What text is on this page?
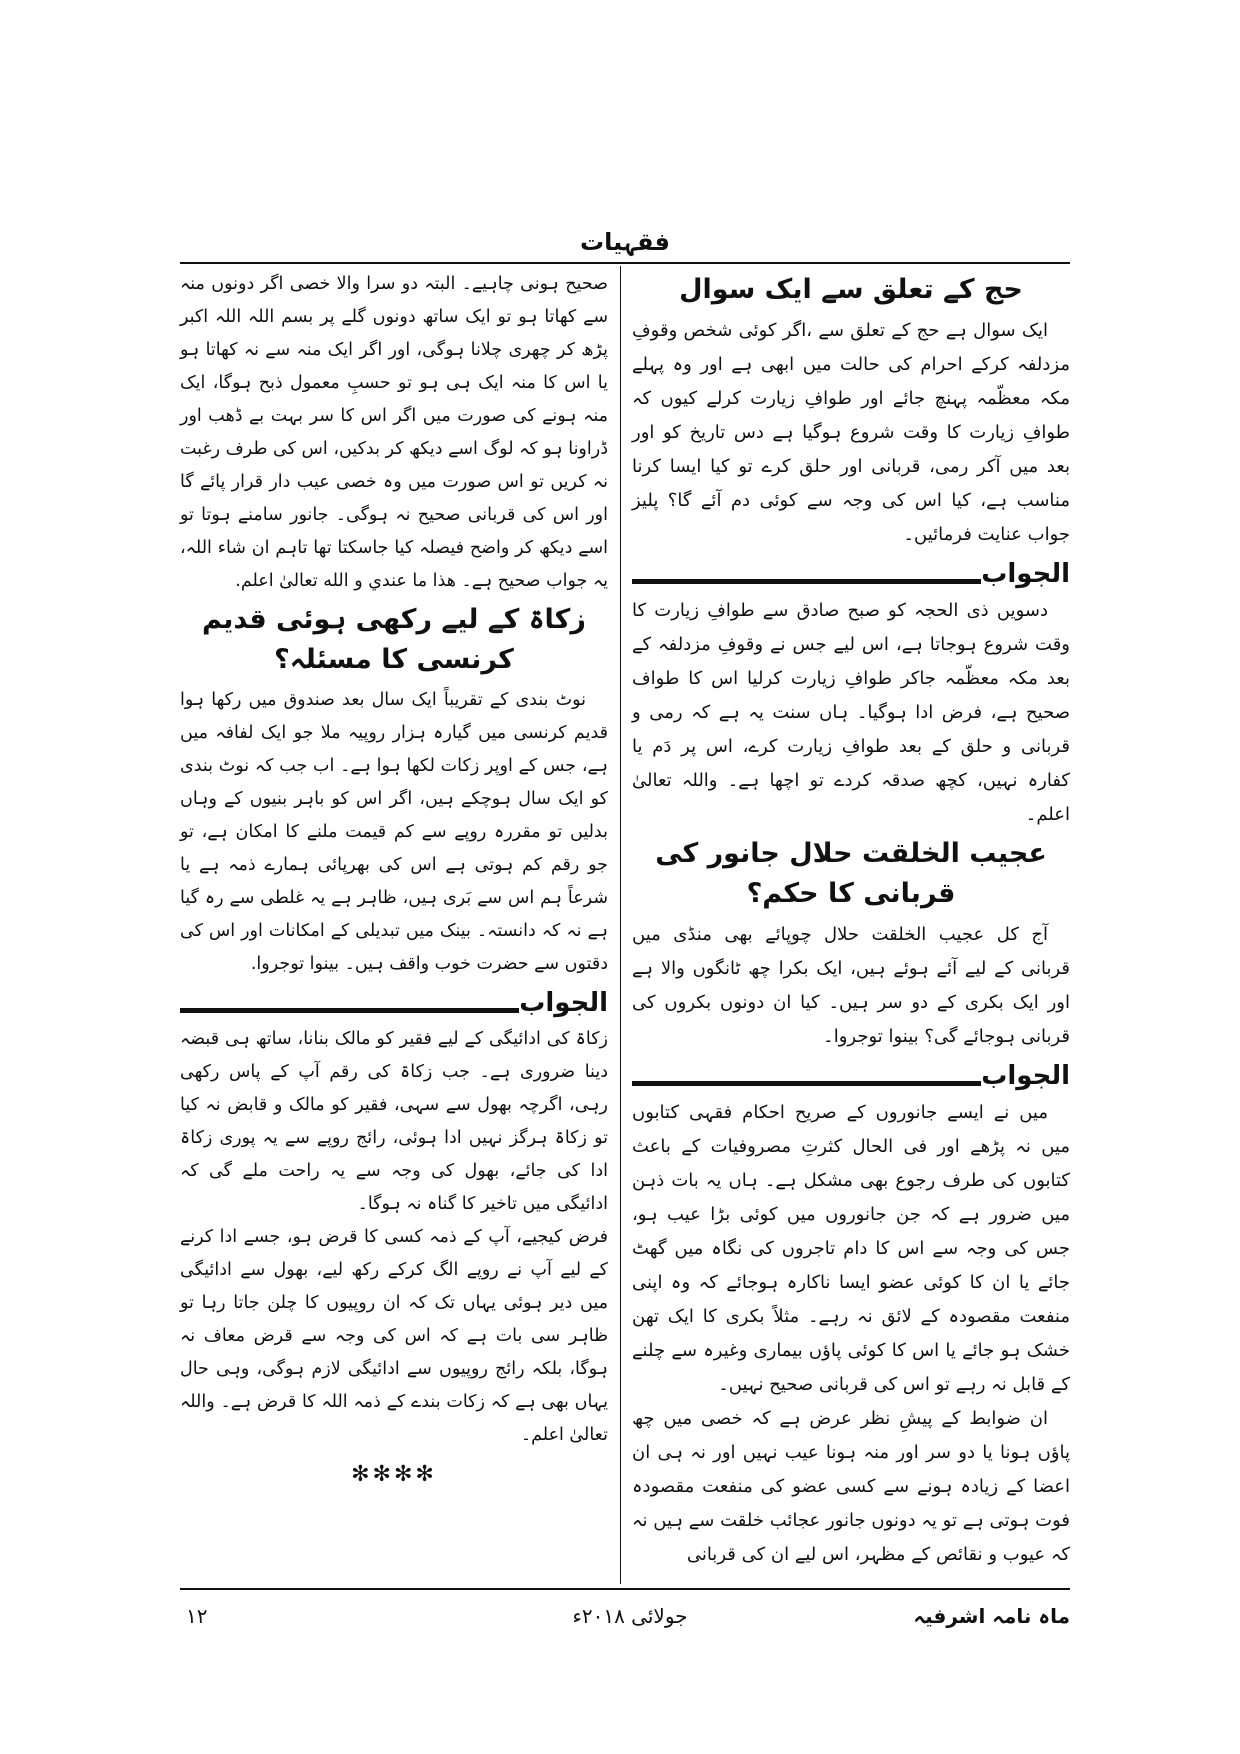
فقہیات
حج کے تعلق سے ایک سوال

ایک سوال ہے حج کے تعلق سے ،اگر کوئی شخص وقوفِ مزدلفہ کرکے احرام کی حالت میں ابھی ہے اور وہ پہلے مکہ معظّمہ پہنچ جائے اور طوافِ زیارت کرلے کیوں کہ طوافِ زیارت کا وقت شروع ہوگیا ہے دس تاریخ کو اور بعد میں آکر رمی، قربانی اور حلق کرے تو کیا ایسا کرنا مناسب ہے، کیا اس کی وجہ سے کوئی دم آئے گا؟ پلیز جواب عنایت فرمائیں۔

الجواب

دسویں ذی الحجہ کو صبح صادق سے طوافِ زیارت کا وقت شروع ہوجاتا ہے، اس لیے جس نے وقوفِ مزدلفہ کے بعد مکہ معظّمہ جاکر طوافِ زیارت کرلیا اس کا طواف صحیح ہے، فرض ادا ہوگیا۔ ہاں سنت یہ ہے کہ رمی و قربانی و حلق کے بعد طوافِ زیارت کرے، اس پر دَم یا کفارہ نہیں، کچھ صدقہ کردے تو اچھا ہے۔ واللہ تعالیٰ اعلم۔

عجیب الخلقت حلال جانور کی قربانی کا حکم؟

آج کل عجیب الخلقت حلال چوپائے بھی منڈی میں قربانی کے لیے آئے ہوئے ہیں، ایک بکرا چھ ٹانگوں والا ہے اور ایک بکری کے دو سر ہیں۔ کیا ان دونوں بکروں کی قربانی ہوجائے گی؟ بینوا توجروا۔

الجواب

میں نے ایسے جانوروں کے صریح احکام فقہی کتابوں میں نہ پڑھے اور فی الحال کثرتِ مصروفیات کے باعث کتابوں کی طرف رجوع بھی مشکل ہے۔ ہاں یہ بات ذہن میں ضرور ہے کہ جن جانوروں میں کوئی بڑا عیب ہو، جس کی وجہ سے اس کا دام تاجروں کی نگاہ میں گھٹ جائے یا ان کا کوئی عضو ایسا ناکارہ ہوجائے کہ وہ اپنی منفعت مقصودہ کے لائق نہ رہے۔ مثلاً بکری کا ایک تھن خشک ہو جائے یا اس کا کوئی پاؤں بیماری وغیرہ سے چلنے کے قابل نہ رہے تو اس کی قربانی صحیح نہیں۔

ان ضوابط کے پیشِ نظر عرض ہے کہ خصی میں چھ پاؤں ہونا یا دو سر اور منہ ہونا عیب نہیں اور نہ ہی ان اعضا کے زیادہ ہونے سے کسی عضو کی منفعت مقصودہ فوت ہوتی ہے تو یہ دونوں جانور عجائب خلقت سے ہیں نہ کہ عیوب و نقائص کے مظہر، اس لیے ان کی قربانی

صحیح ہونی چاہیے۔ البتہ دو سرا والا خصی اگر دونوں منہ سے کھاتا ہو تو ایک ساتھ دونوں گلے پر بسم اللہ اللہ اکبر پڑھ کر چھری چلانا ہوگی، اور اگر ایک منہ سے نہ کھاتا ہو یا اس کا منہ ایک ہی ہو تو حسبِ معمول ذبح ہوگا، ایک منہ ہونے کی صورت میں اگر اس کا سر بہت بے ڈھب اور ڈراونا ہو کہ لوگ اسے دیکھ کر بدکیں، اس کی طرف رغبت نہ کریں تو اس صورت میں وہ خصی عیب دار قرار پائے گا اور اس کی قربانی صحیح نہ ہوگی۔ جانور سامنے ہوتا تو اسے دیکھ کر واضح فیصلہ کیا جاسکتا تھا تاہم ان شاء اللہ، یہ جواب صحیح ہے۔ هذا ما عندي و الله تعالىٰ اعلم.

زکاۃ کے لیے رکھی ہوئی قدیم کرنسی کا مسئلہ؟

نوٹ بندی کے تقریباً ایک سال بعد صندوق میں رکھا ہوا قدیم کرنسی میں گیارہ ہزار روپیہ ملا جو ایک لفافہ میں ہے، جس کے اوپر زکات لکھا ہوا ہے۔ اب جب کہ نوٹ بندی کو ایک سال ہوچکے ہیں، اگر اس کو باہر بنیوں کے وہاں بدلیں تو مقررہ روپے سے کم قیمت ملنے کا امکان ہے، تو جو رقم کم ہوتی ہے اس کی بھرپائی ہمارے ذمہ ہے یا شرعاً ہم اس سے بَری ہیں، ظاہر ہے یہ غلطی سے رہ گیا ہے نہ کہ دانستہ۔ بینک میں تبدیلی کے امکانات اور اس کی دقتوں سے حضرت خوب واقف ہیں۔ بینوا توجروا.

الجواب

زکاۃ کی ادائیگی کے لیے فقیر کو مالک بنانا، ساتھ ہی قبضہ دینا ضروری ہے۔ جب زکاۃ کی رقم آپ کے پاس رکھی رہی، اگرچہ بھول سے سہی، فقیر کو مالک و قابض نہ کیا تو زکاۃ ہرگز نہیں ادا ہوئی، رائج روپے سے یہ پوری زکاۃ ادا کی جائے، بھول کی وجہ سے یہ راحت ملے گی کہ ادائیگی میں تاخیر کا گناہ نہ ہوگا۔

فرض کیجیے، آپ کے ذمہ کسی کا قرض ہو، جسے ادا کرنے کے لیے آپ نے روپے الگ کرکے رکھ لیے، بھول سے ادائیگی میں دیر ہوئی یہاں تک کہ ان روپیوں کا چلن جاتا رہا تو ظاہر سی بات ہے کہ اس کی وجہ سے قرض معاف نہ ہوگا، بلکہ رائج روپیوں سے ادائیگی لازم ہوگی، وہی حال یہاں بھی ہے کہ زکات بندے کے ذمہ اللہ کا قرض ہے۔ واللہ تعالیٰ اعلم۔

✻✻✻✻
ماہ نامہ اشرفیہ
جولائی ۲۰۱۸ء
۱۲
